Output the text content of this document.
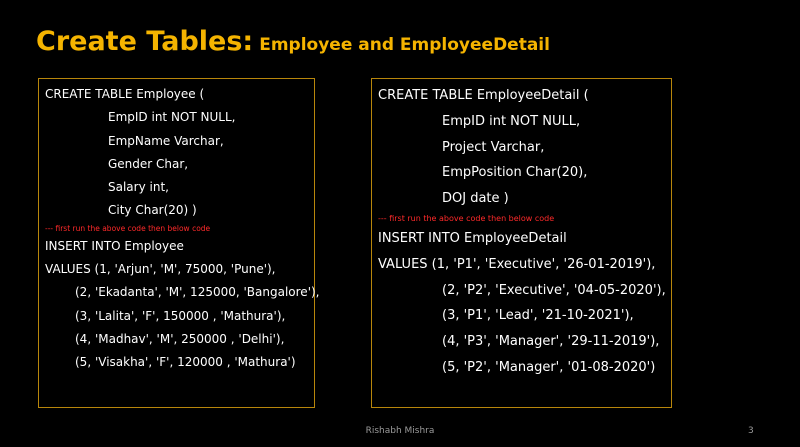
Create Tables: Employee and EmployeeDetail
CREATE TABLE Employee (
EmpID int NOT NULL,
EmpName Varchar,
Gender Char,
Salary int,
City Char(20) )
--- first run the above code then below code
INSERT INTO Employee
VALUES (1, 'Arjun', 'M', 75000, 'Pune'),
(2, 'Ekadanta', 'M', 125000, 'Bangalore'),
(3, 'Lalita', 'F', 150000 , 'Mathura'),
(4, 'Madhav', 'M', 250000 , 'Delhi'),
(5, 'Visakha', 'F', 120000 , 'Mathura')
CREATE TABLE EmployeeDetail (
EmpID int NOT NULL,
Project Varchar,
EmpPosition Char(20),
DOJ date )
--- first run the above code then below code
INSERT INTO EmployeeDetail
VALUES (1, 'P1', 'Executive', '26-01-2019'),
(2, 'P2', 'Executive', '04-05-2020'),
(3, 'P1', 'Lead', '21-10-2021'),
(4, 'P3', 'Manager', '29-11-2019'),
(5, 'P2', 'Manager', '01-08-2020')
Rishabh Mishra	3
